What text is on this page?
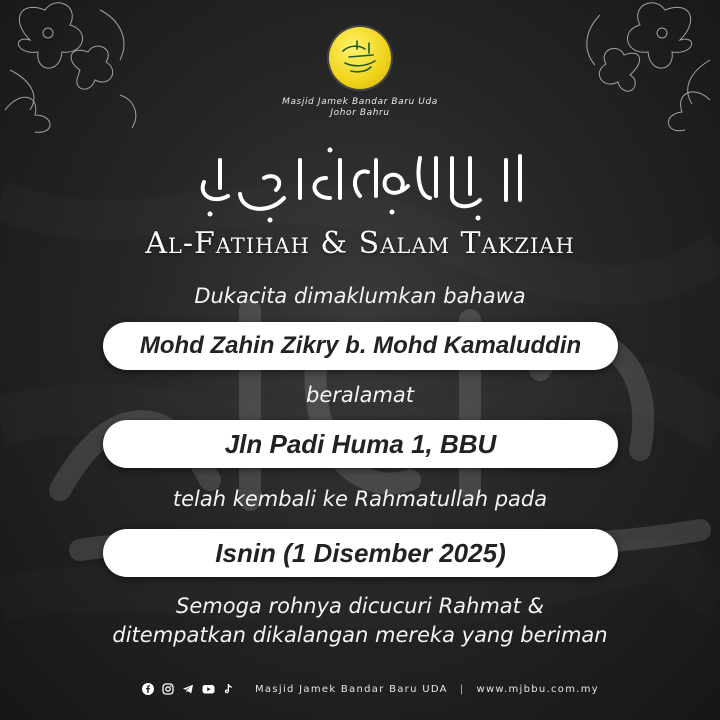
Masjid Jamek Bandar Baru Uda
Johor Bahru
Al-Fatihah & Salam Takziah
Dukacita dimaklumkan bahawa
Mohd Zahin Zikry b. Mohd Kamaluddin
beralamat
Jln Padi Huma 1, BBU
telah kembali ke Rahmatullah pada
Isnin (1 Disember 2025)
Semoga rohnya dicucuri Rahmat &
ditempatkan dikalangan mereka yang beriman
Masjid Jamek Bandar Baru UDA | www.mjbbu.com.my
